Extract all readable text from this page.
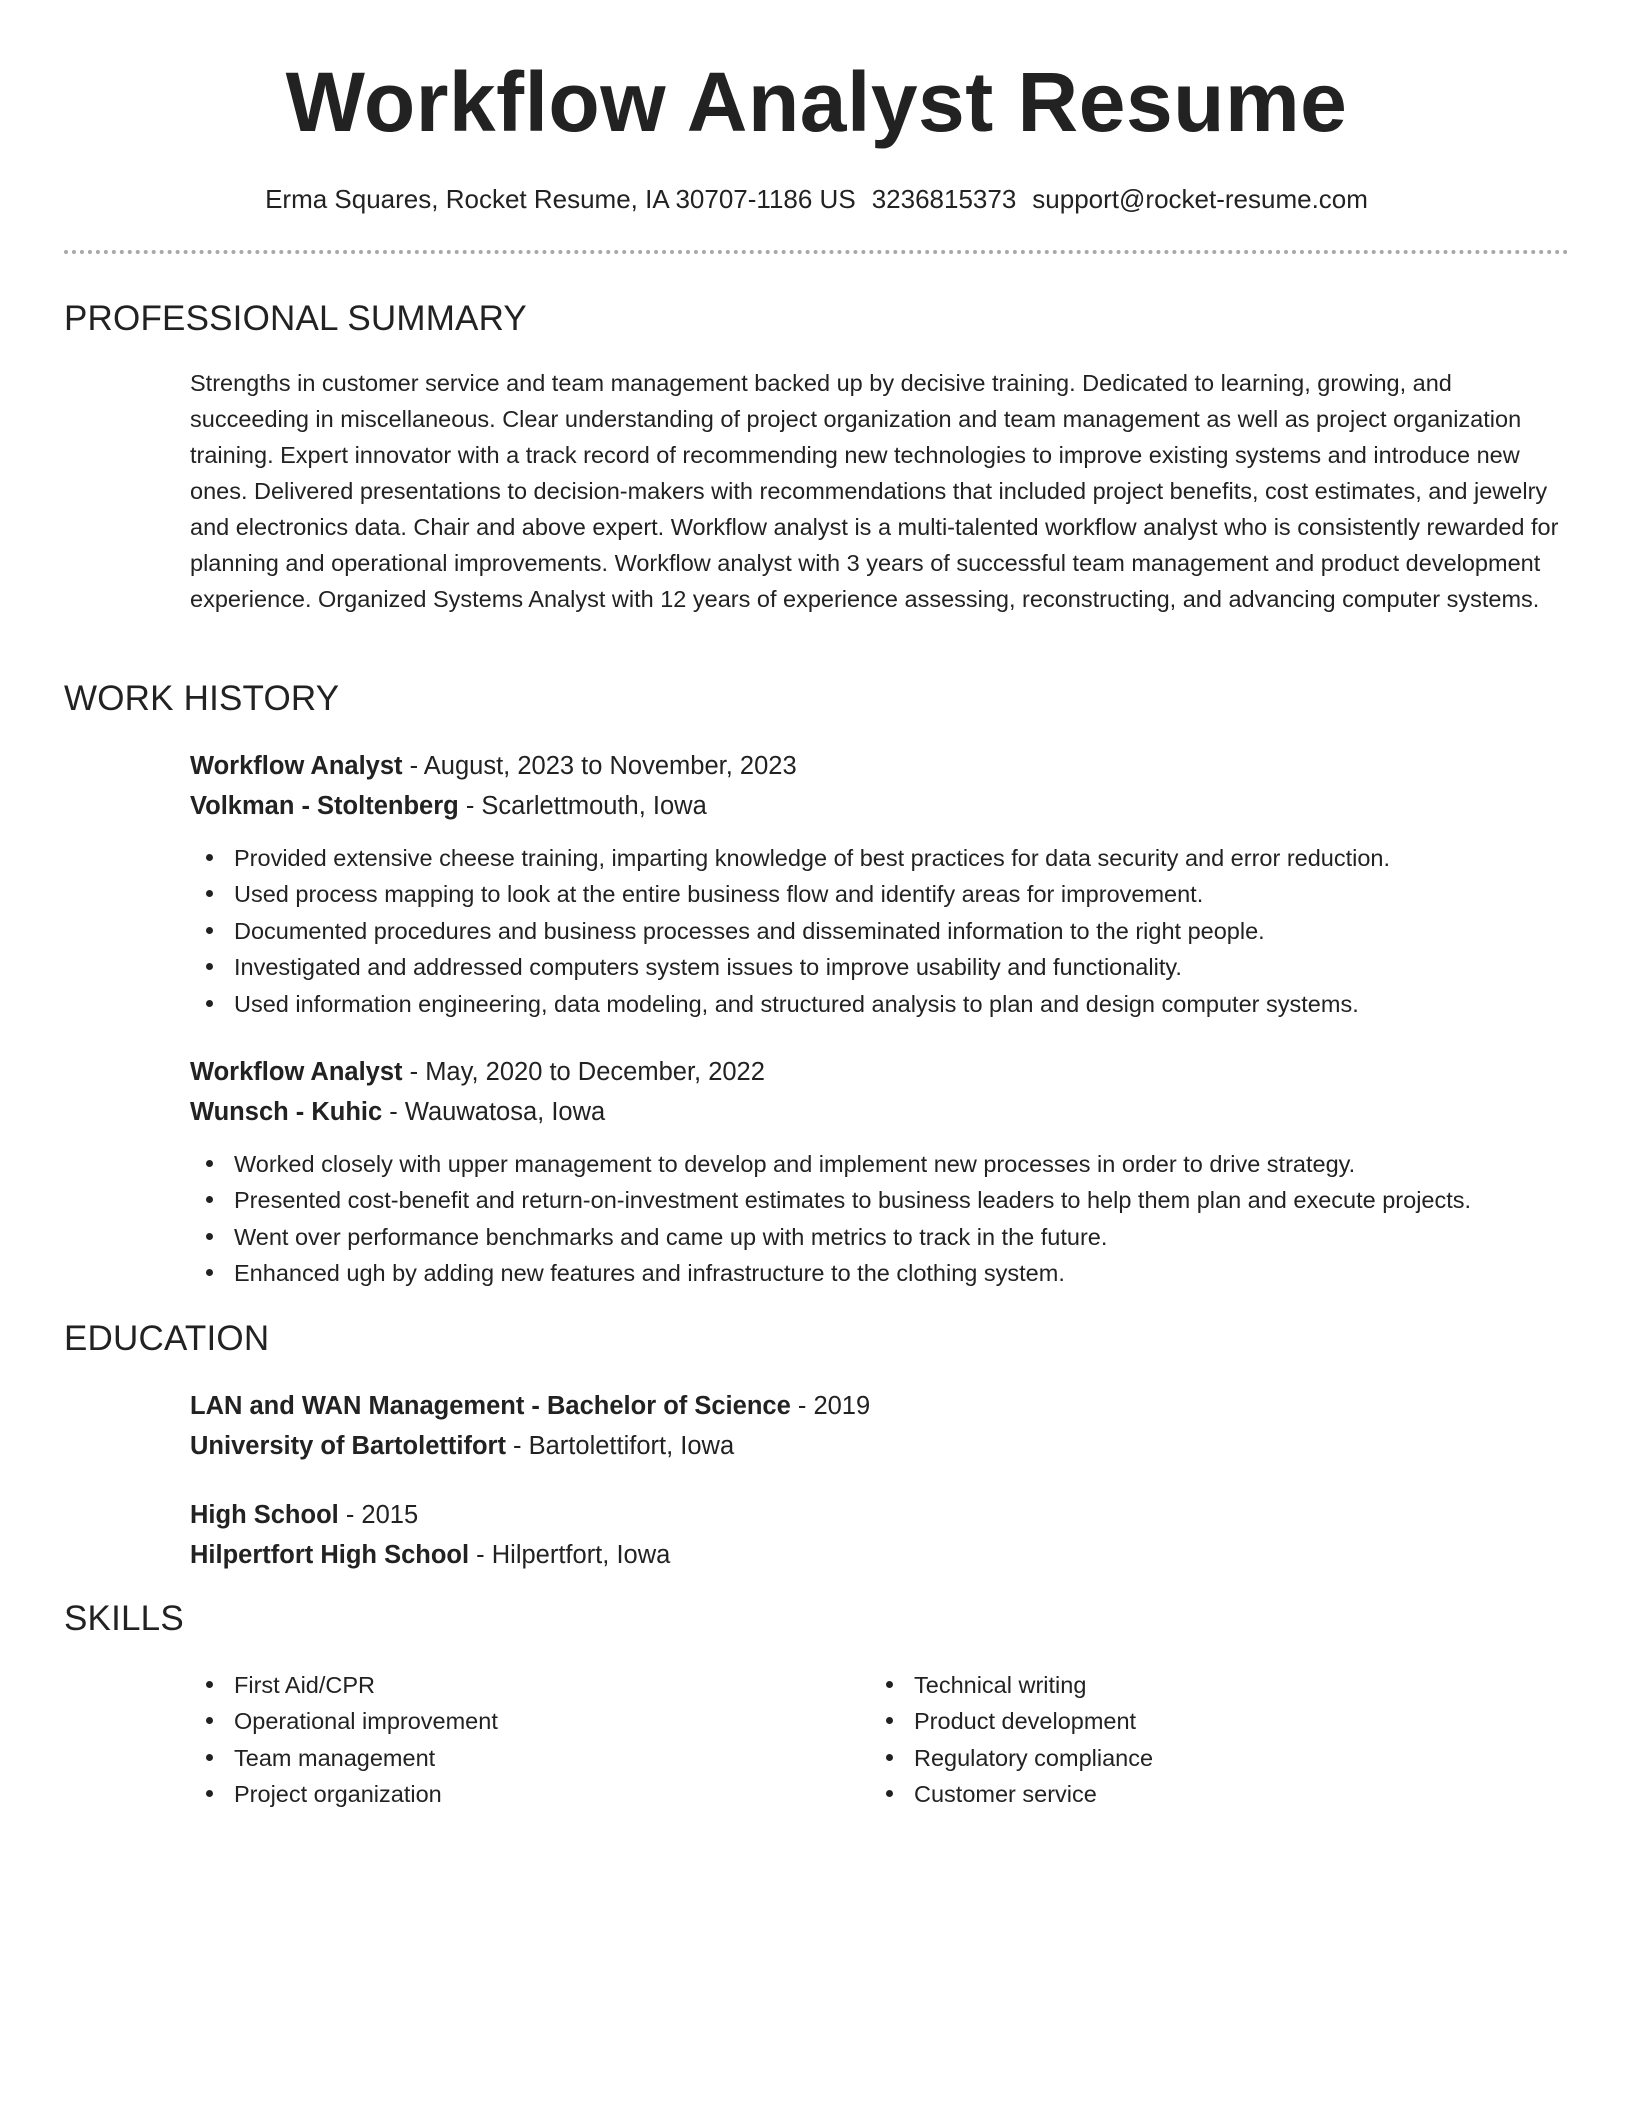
Workflow Analyst Resume
Erma Squares, Rocket Resume, IA 30707-1186 US 3236815373 support@rocket-resume.com
PROFESSIONAL SUMMARY
Strengths in customer service and team management backed up by decisive training. Dedicated to learning, growing, and succeeding in miscellaneous. Clear understanding of project organization and team management as well as project organization training. Expert innovator with a track record of recommending new technologies to improve existing systems and introduce new ones. Delivered presentations to decision-makers with recommendations that included project benefits, cost estimates, and jewelry and electronics data. Chair and above expert. Workflow analyst is a multi-talented workflow analyst who is consistently rewarded for planning and operational improvements. Workflow analyst with 3 years of successful team management and product development experience. Organized Systems Analyst with 12 years of experience assessing, reconstructing, and advancing computer systems.
WORK HISTORY
Workflow Analyst - August, 2023 to November, 2023
Volkman - Stoltenberg - Scarlettmouth, Iowa
Provided extensive cheese training, imparting knowledge of best practices for data security and error reduction.
Used process mapping to look at the entire business flow and identify areas for improvement.
Documented procedures and business processes and disseminated information to the right people.
Investigated and addressed computers system issues to improve usability and functionality.
Used information engineering, data modeling, and structured analysis to plan and design computer systems.
Workflow Analyst - May, 2020 to December, 2022
Wunsch - Kuhic - Wauwatosa, Iowa
Worked closely with upper management to develop and implement new processes in order to drive strategy.
Presented cost-benefit and return-on-investment estimates to business leaders to help them plan and execute projects.
Went over performance benchmarks and came up with metrics to track in the future.
Enhanced ugh by adding new features and infrastructure to the clothing system.
EDUCATION
LAN and WAN Management - Bachelor of Science - 2019
University of Bartolettifort - Bartolettifort, Iowa
High School - 2015
Hilpertfort High School - Hilpertfort, Iowa
SKILLS
First Aid/CPR
Operational improvement
Team management
Project organization
Technical writing
Product development
Regulatory compliance
Customer service
